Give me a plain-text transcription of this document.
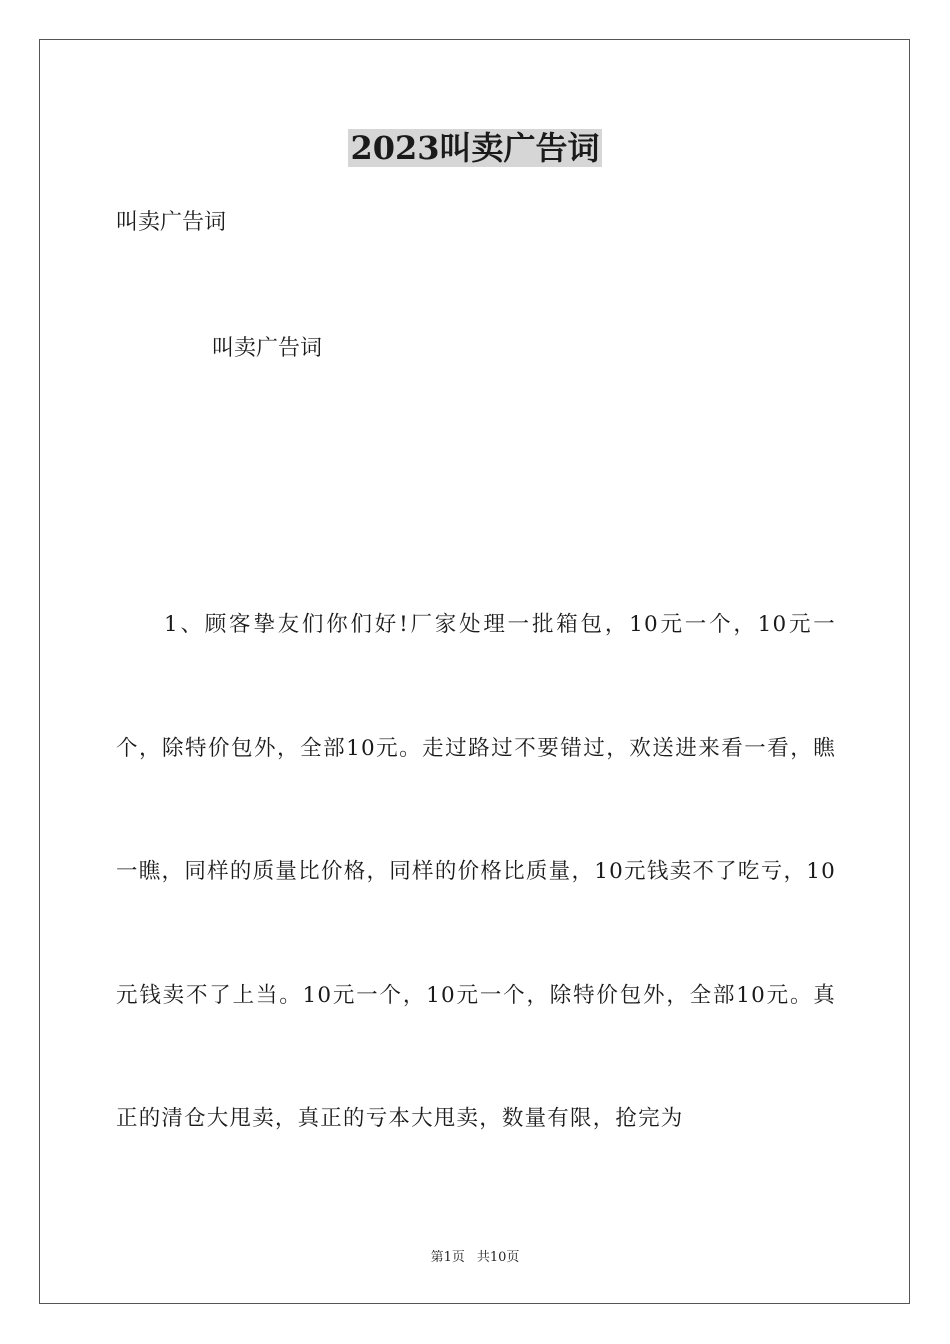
2023叫卖广告词

叫卖广告词

叫卖广告词

1、顾客挚友们你们好!厂家处理一批箱包，10元一个，10元一个，除特价包外，全部10元。走过路过不要错过，欢送进来看一看，瞧一瞧，同样的质量比价格，同样的价格比质量，10元钱卖不了吃亏，10元钱卖不了上当。10元一个，10元一个，除特价包外，全部10元。真正的清仓大甩卖，真正的亏本大甩卖，数量有限，抢完为

第1页 共10页
